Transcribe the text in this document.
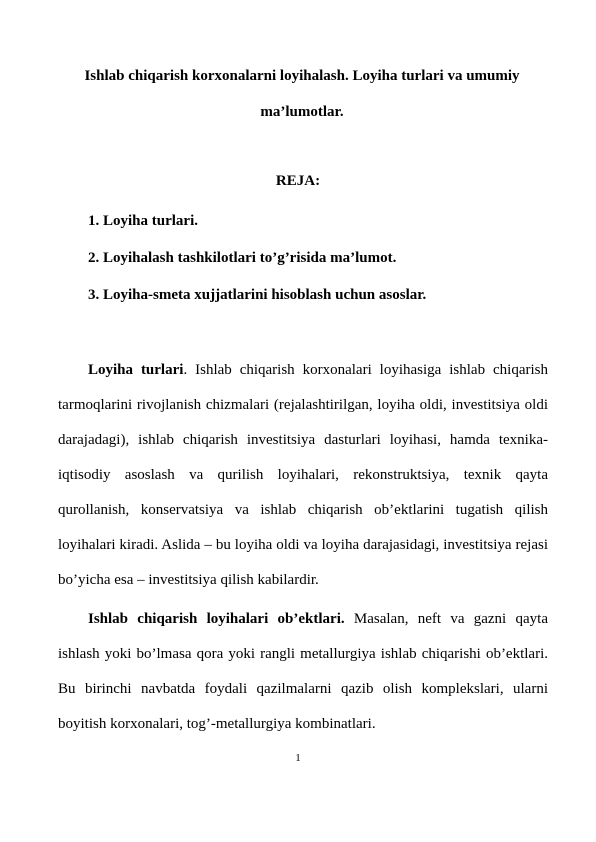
Ishlab chiqarish korxonalarni loyihalash. Loyiha turlari va umumiy ma’lumotlar.
REJA:
1. Loyiha turlari.
2. Loyihalash tashkilotlari to’g’risida ma’lumot.
3. Loyiha-smeta xujjatlarini hisoblash uchun asoslar.
Loyiha turlari. Ishlab chiqarish korxonalari loyihasiga ishlab chiqarish tarmoqlarini rivojlanish chizmalari (rejalashtirilgan, loyiha oldi, investitsiya oldi darajadagi), ishlab chiqarish investitsiya dasturlari loyihasi, hamda texnika-iqtisodiy asoslash va qurilish loyihalari, rekonstruktsiya, texnik qayta qurollanish, konservatsiya va ishlab chiqarish ob’ektlarini tugatish qilish loyihalari kiradi. Aslida – bu loyiha oldi va loyiha darajasidagi, investitsiya rejasi bo’yicha esa – investitsiya qilish kabilardir.
Ishlab chiqarish loyihalari ob’ektlari. Masalan, neft va gazni qayta ishlash yoki bo’lmasa qora yoki rangli metallurgiya ishlab chiqarishi ob’ektlari. Bu birinchi navbatda foydali qazilmalarni qazib olish komplekslari, ularni boyitish korxonalari, tog’-metallurgiya kombinatlari.
1
